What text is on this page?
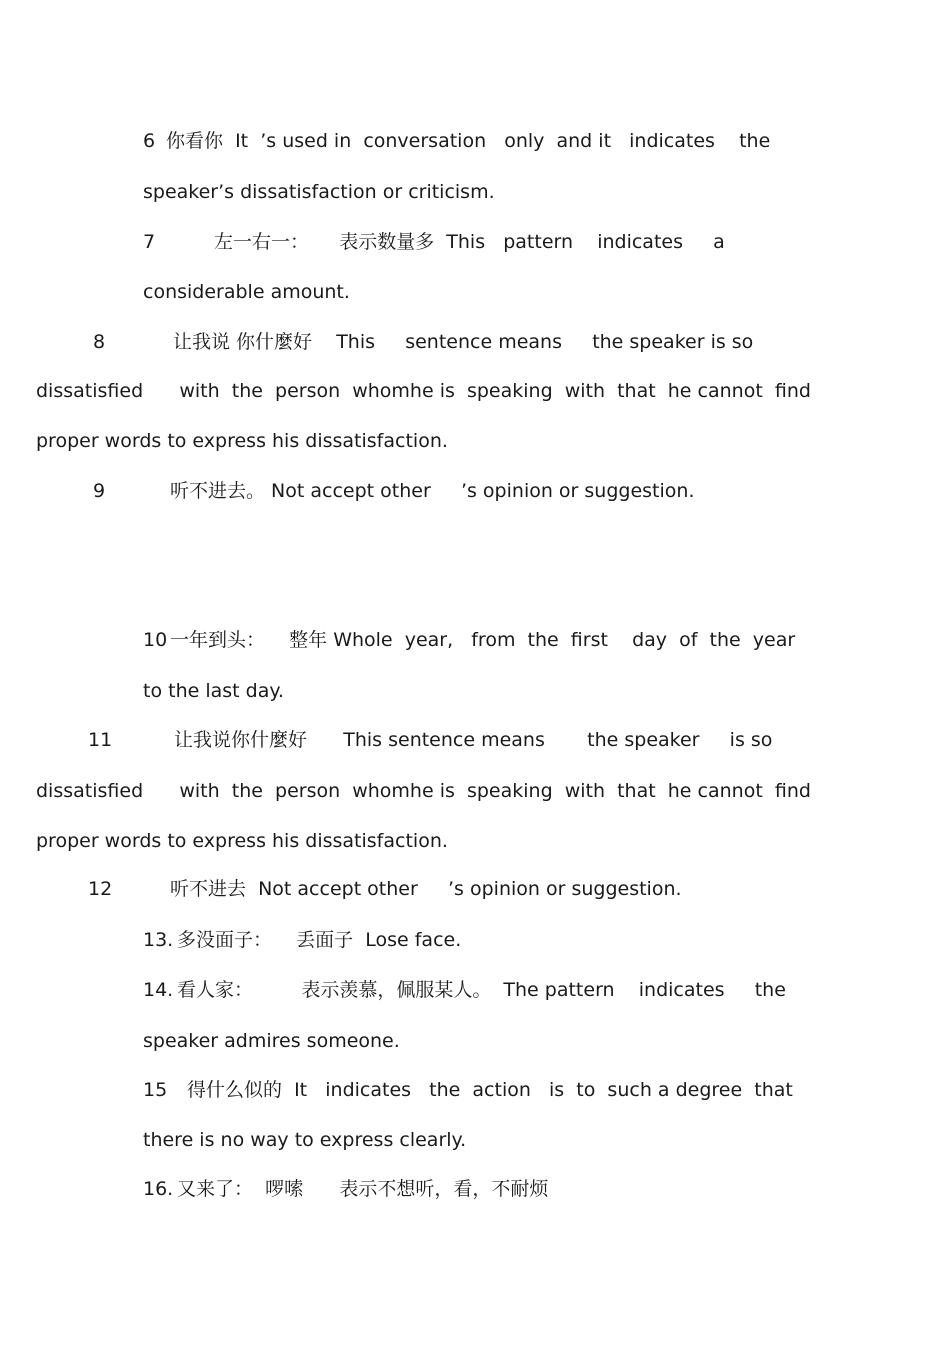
6 你看你  It  ’s used in  conversation   only  and it   indicates    the
speaker’s dissatisfaction or criticism.
7	左一右一：     表示数量多  This   pattern    indicates     a
considerable amount.
8	让我说 你什麼好    This     sentence means     the speaker is so
dissatisfied      with  the  person  whomhe is  speaking  with  that  he cannot  find
proper words to express his dissatisfaction.
9	听不进去。 Not accept other     ’s opinion or suggestion.
10 一年到头：    整年 Whole  year,   from  the  first    day  of  the  year
to the last day.
11	让我说你什麼好      This sentence means       the speaker     is so
dissatisfied      with  the  person  whomhe is  speaking  with  that  he cannot  find
proper words to express his dissatisfaction.
12	听不进去  Not accept other     ’s opinion or suggestion.
13. 多没面子：    丢面子  Lose face.
14. 看人家：        表示羡慕，佩服某人。  The pattern    indicates     the
speaker admires someone.
15 得什么似的  It   indicates   the  action   is  to  such a degree  that
there is no way to express clearly.
16. 又来了：  啰嗦      表示不想听，看，不耐烦
